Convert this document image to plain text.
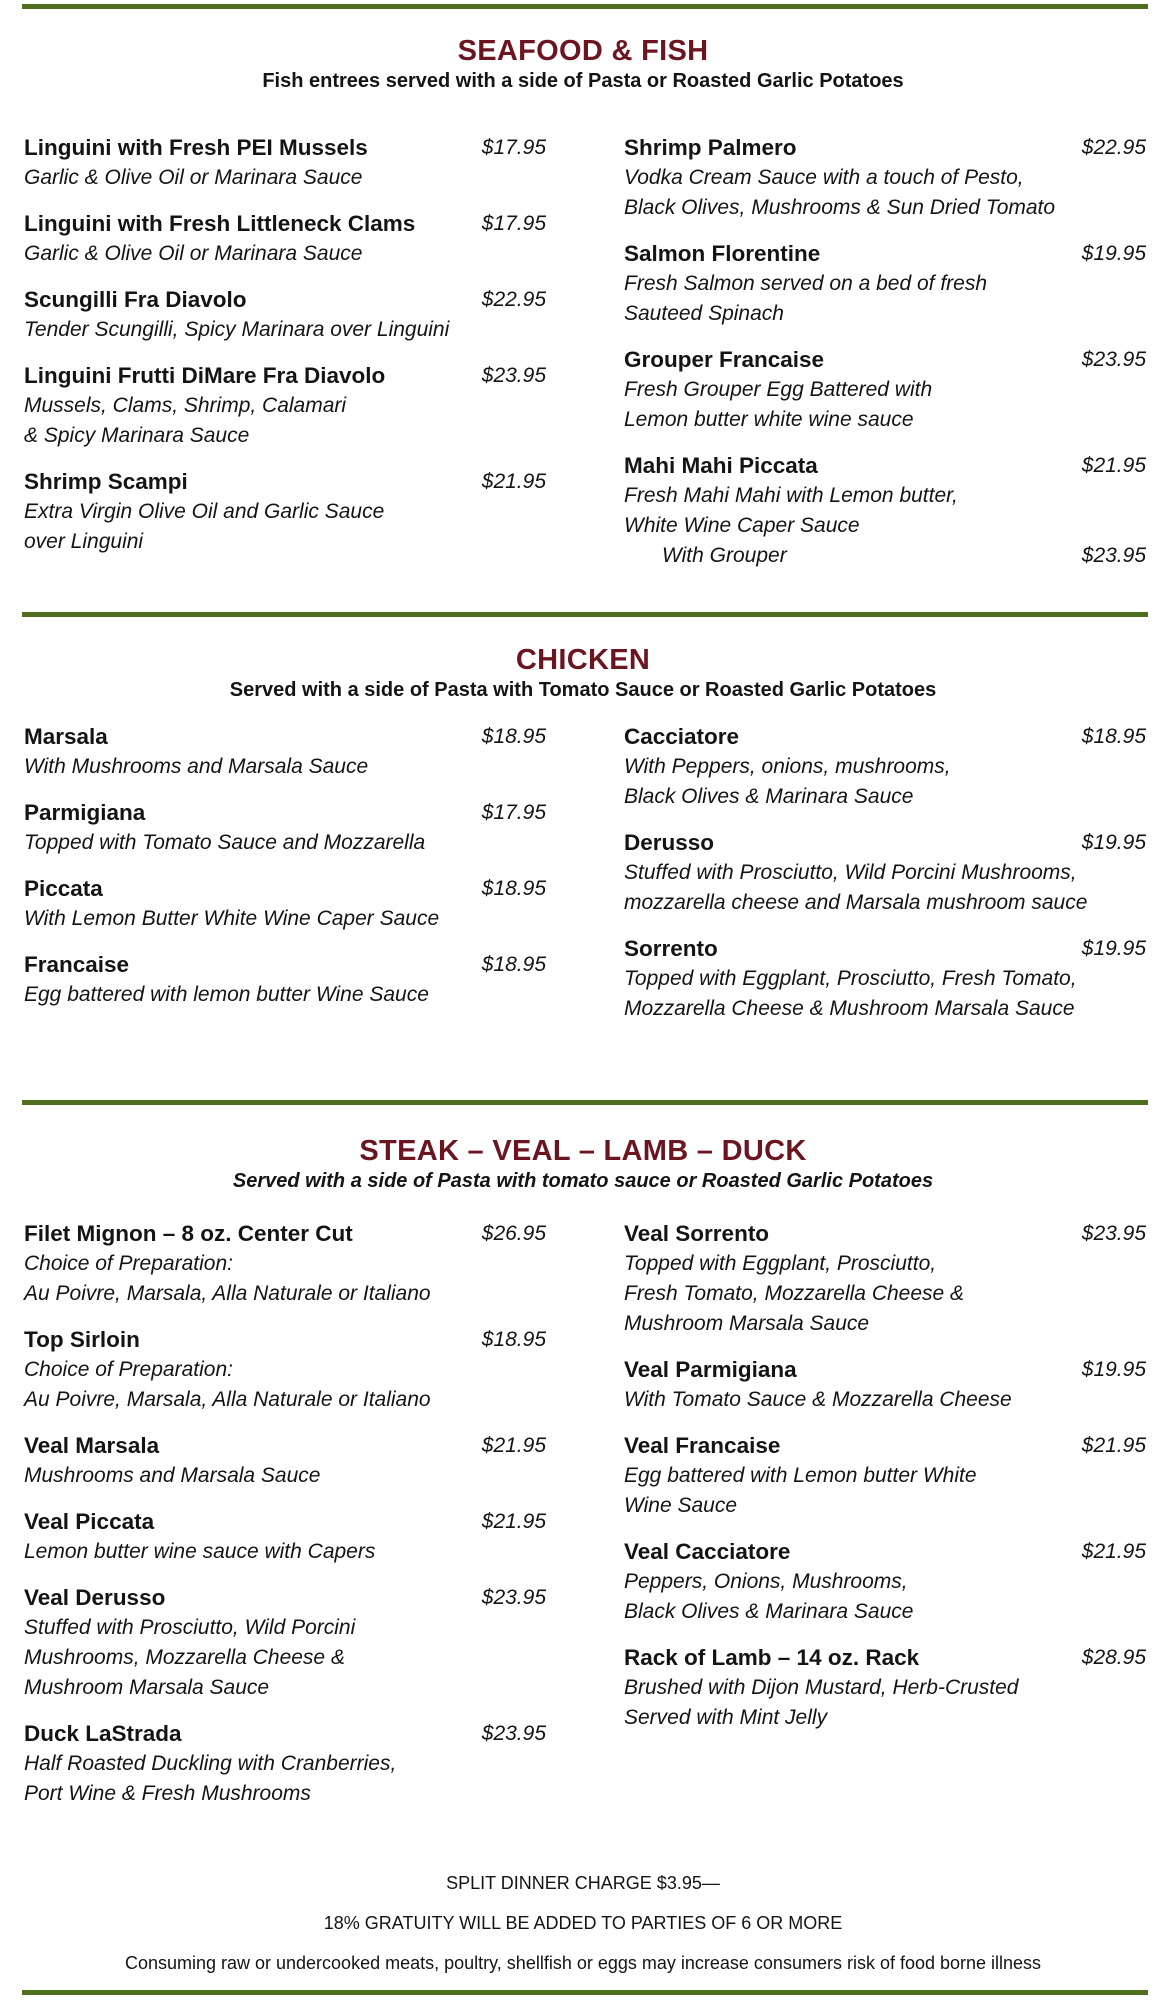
SEAFOOD & FISH
Fish entrees served with a side of Pasta or Roasted Garlic Potatoes
Linguini with Fresh PEI Mussels	$17.95
Garlic & Olive Oil or Marinara Sauce
Linguini with Fresh Littleneck Clams	$17.95
Garlic & Olive Oil or Marinara Sauce
Scungilli Fra Diavolo	$22.95
Tender Scungilli, Spicy Marinara over Linguini
Linguini Frutti DiMare Fra Diavolo	$23.95
Mussels, Clams, Shrimp, Calamari
& Spicy Marinara Sauce
Shrimp Scampi	$21.95
Extra Virgin Olive Oil and Garlic Sauce
over Linguini
Shrimp Palmero	$22.95
Vodka Cream Sauce with a touch of Pesto,
Black Olives, Mushrooms & Sun Dried Tomato
Salmon Florentine	$19.95
Fresh Salmon served on a bed of fresh
Sauteed Spinach
Grouper Francaise	$23.95
Fresh Grouper Egg Battered with
Lemon butter white wine sauce
Mahi Mahi Piccata	$21.95
Fresh Mahi Mahi with Lemon butter,
White Wine Caper Sauce
With Grouper	$23.95
CHICKEN
Served with a side of Pasta with Tomato Sauce or Roasted Garlic Potatoes
Marsala	$18.95
With Mushrooms and Marsala Sauce
Parmigiana	$17.95
Topped with Tomato Sauce and Mozzarella
Piccata	$18.95
With Lemon Butter White Wine Caper Sauce
Francaise	$18.95
Egg battered with lemon butter Wine Sauce
Cacciatore	$18.95
With Peppers, onions, mushrooms,
Black Olives & Marinara Sauce
Derusso	$19.95
Stuffed with Prosciutto, Wild Porcini Mushrooms,
mozzarella cheese and Marsala mushroom sauce
Sorrento	$19.95
Topped with Eggplant, Prosciutto, Fresh Tomato,
Mozzarella Cheese & Mushroom Marsala Sauce
STEAK – VEAL – LAMB – DUCK
Served with a side of Pasta with tomato sauce or Roasted Garlic Potatoes
Filet Mignon – 8 oz. Center Cut	$26.95
Choice of Preparation:
Au Poivre, Marsala, Alla Naturale or Italiano
Top Sirloin	$18.95
Choice of Preparation:
Au Poivre, Marsala, Alla Naturale or Italiano
Veal Marsala	$21.95
Mushrooms and Marsala Sauce
Veal Piccata	$21.95
Lemon butter wine sauce with Capers
Veal Derusso	$23.95
Stuffed with Prosciutto, Wild Porcini
Mushrooms, Mozzarella Cheese &
Mushroom Marsala Sauce
Duck LaStrada	$23.95
Half Roasted Duckling with Cranberries,
Port Wine & Fresh Mushrooms
Veal Sorrento	$23.95
Topped with Eggplant, Prosciutto,
Fresh Tomato, Mozzarella Cheese &
Mushroom Marsala Sauce
Veal Parmigiana	$19.95
With Tomato Sauce & Mozzarella Cheese
Veal Francaise	$21.95
Egg battered with Lemon butter White
Wine Sauce
Veal Cacciatore	$21.95
Peppers, Onions, Mushrooms,
Black Olives & Marinara Sauce
Rack of Lamb – 14 oz. Rack	$28.95
Brushed with Dijon Mustard, Herb-Crusted
Served with Mint Jelly
SPLIT DINNER CHARGE $3.95—
18% GRATUITY WILL BE ADDED TO PARTIES OF 6 OR MORE
Consuming raw or undercooked meats, poultry, shellfish or eggs may increase consumers risk of food borne illness
